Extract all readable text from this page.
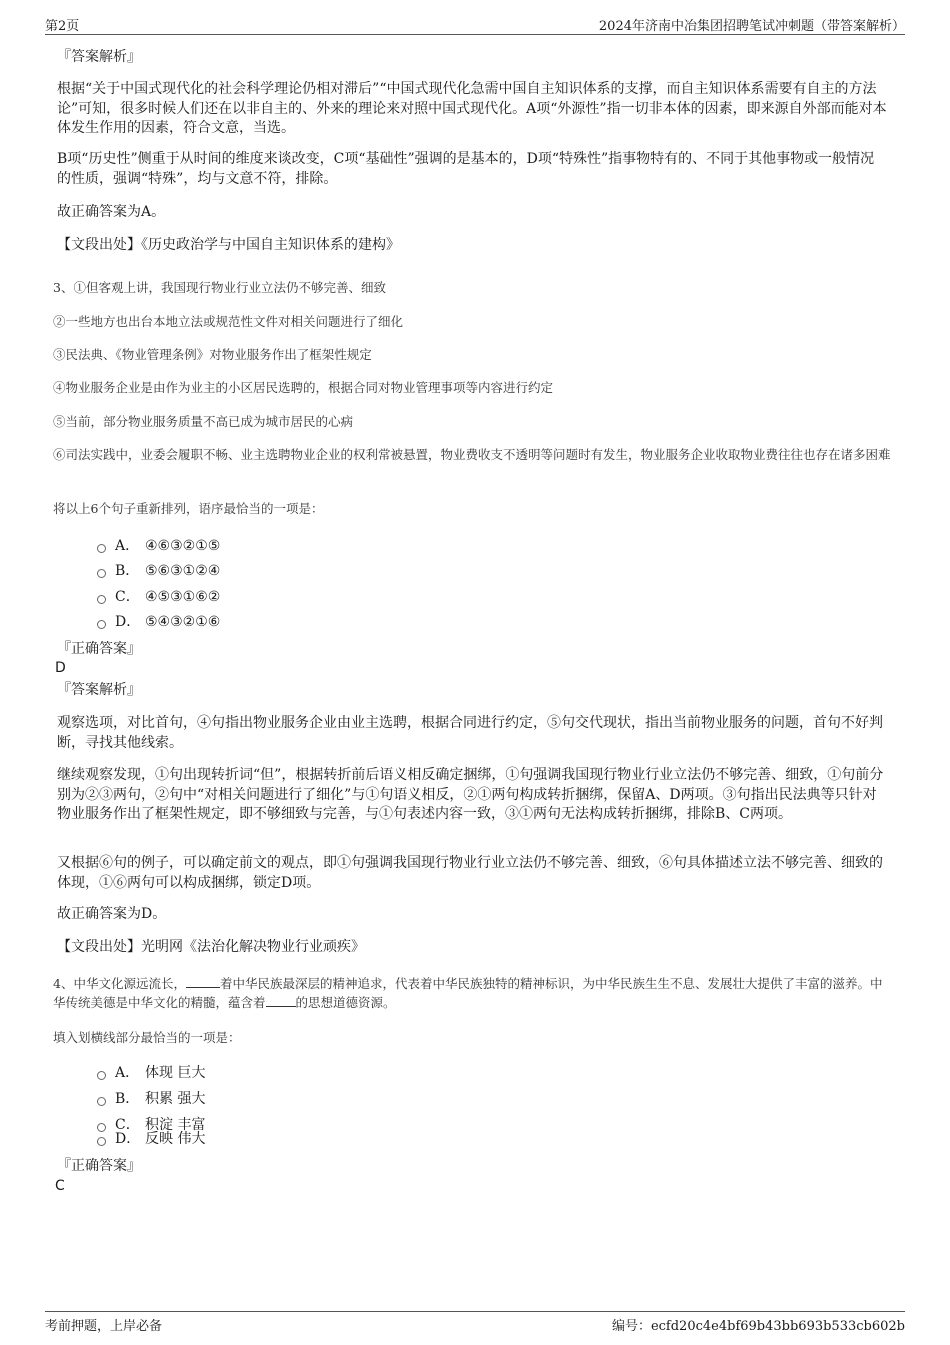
第2页	2024年济南中冶集团招聘笔试冲刺题（带答案解析）
『答案解析』
根据“关于中国式现代化的社会科学理论仍相对滞后”“中国式现代化急需中国自主知识体系的支撑，而自主知识体系需要有自主的方法论”可知，很多时候人们还在以非自主的、外来的理论来对照中国式现代化。A项“外源性”指一切非本体的因素，即来源自外部而能对本体发生作用的因素，符合文意，当选。
B项“历史性”侧重于从时间的维度来谈改变，C项“基础性”强调的是基本的，D项“特殊性”指事物特有的、不同于其他事物或一般情况的性质，强调“特殊”，均与文意不符，排除。
故正确答案为A。
【文段出处】《历史政治学与中国自主知识体系的建构》
3、①但客观上讲，我国现行物业行业立法仍不够完善、细致
②一些地方也出台本地立法或规范性文件对相关问题进行了细化
③民法典、《物业管理条例》对物业服务作出了框架性规定
④物业服务企业是由作为业主的小区居民选聘的，根据合同对物业管理事项等内容进行约定
⑤当前，部分物业服务质量不高已成为城市居民的心病
⑥司法实践中，业委会履职不畅、业主选聘物业企业的权利常被悬置，物业费收支不透明等问题时有发生，物业服务企业收取物业费往往也存在诸多困难
将以上6个句子重新排列，语序最恰当的一项是：
A． ④⑥③②①⑤
B． ⑤⑥③①②④
C． ④⑤③①⑥②
D． ⑤④③②①⑥
『正确答案』
D
『答案解析』
观察选项，对比首句，④句指出物业服务企业由业主选聘，根据合同进行约定，⑤句交代现状，指出当前物业服务的问题，首句不好判断，寻找其他线索。
继续观察发现，①句出现转折词“但”，根据转折前后语义相反确定捆绑，①句强调我国现行物业行业立法仍不够完善、细致，①句前分别为②③两句，②句中“对相关问题进行了细化”与①句语义相反，②①两句构成转折捆绑，保留A、D两项。③句指出民法典等只针对物业服务作出了框架性规定，即不够细致与完善，与①句表述内容一致，③①两句无法构成转折捆绑，排除B、C两项。
又根据⑥句的例子，可以确定前文的观点，即①句强调我国现行物业行业立法仍不够完善、细致，⑥句具体描述立法不够完善、细致的体现，①⑥两句可以构成捆绑，锁定D项。
故正确答案为D。
【文段出处】光明网《法治化解决物业行业顽疾》
4、中华文化源远流长，	着中华民族最深层的精神追求，代表着中华民族独特的精神标识，为中华民族生生不息、发展壮大提供了丰富的滋养。中华传统美德是中华文化的精髓，蕴含着 的思想道德资源。
填入划横线部分最恰当的一项是：
A． 体现 巨大
B． 积累 强大
C． 积淀 丰富
D． 反映 伟大
『正确答案』
C
考前押题，上岸必备	编号：ecfd20c4e4bf69b43bb693b533cb602b
